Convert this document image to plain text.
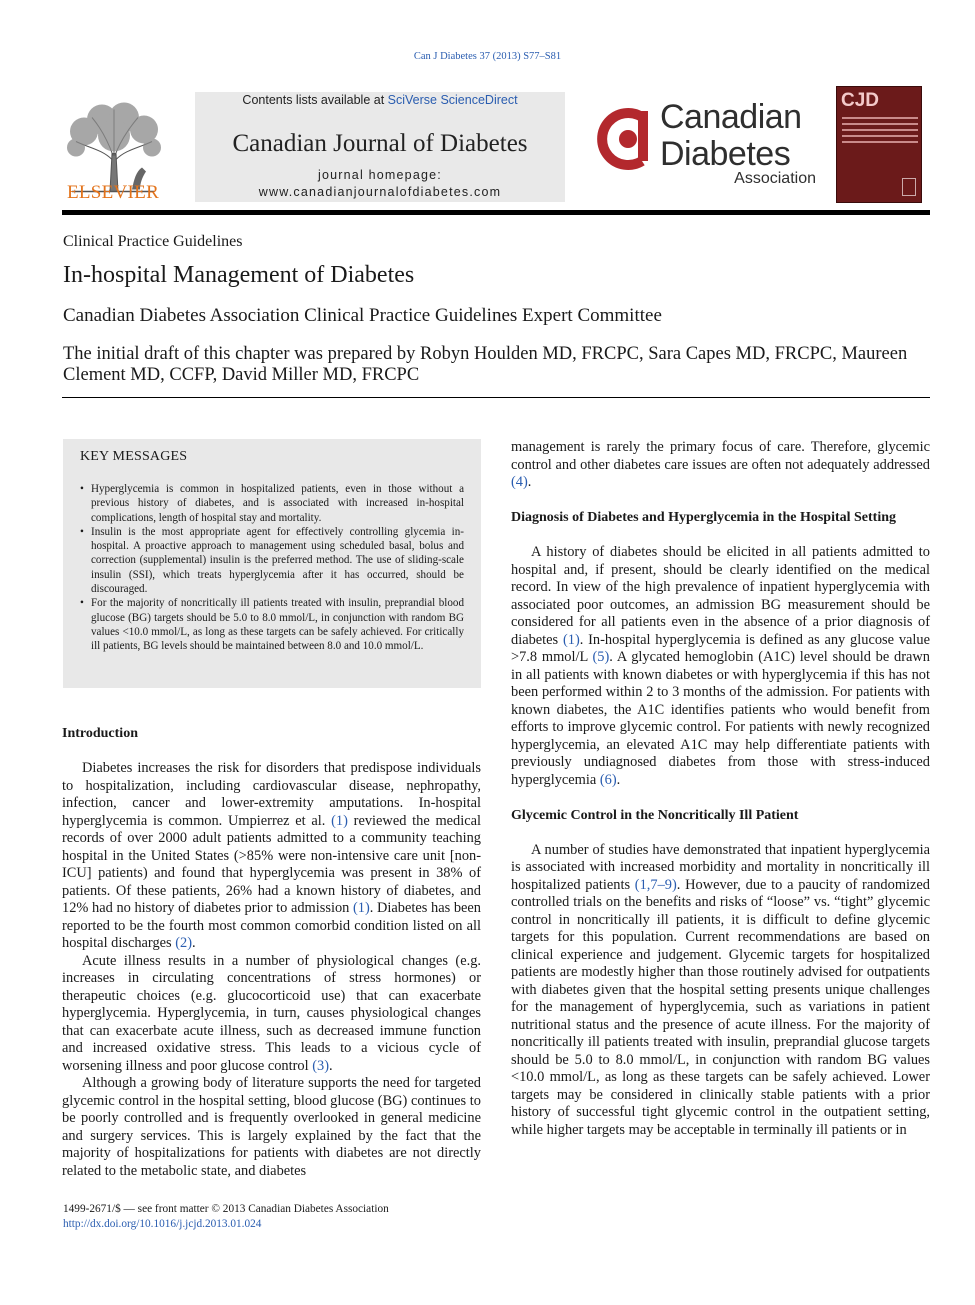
Can J Diabetes 37 (2013) S77–S81
ELSEVIER
Contents lists available at SciVerse ScienceDirect
Canadian Journal of Diabetes
journal homepage:
www.canadianjournalofdiabetes.com
Canadian
Diabetes
Association
CJD
Clinical Practice Guidelines
In-hospital Management of Diabetes
Canadian Diabetes Association Clinical Practice Guidelines Expert Committee
The initial draft of this chapter was prepared by Robyn Houlden MD, FRCPC, Sara Capes MD, FRCPC, Maureen Clement MD, CCFP, David Miller MD, FRCPC
KEY MESSAGES
• Hyperglycemia is common in hospitalized patients, even in those without a previous history of diabetes, and is associated with increased in-hospital complications, length of hospital stay and mortality.
• Insulin is the most appropriate agent for effectively controlling glycemia in-hospital. A proactive approach to management using scheduled basal, bolus and correction (supplemental) insulin is the preferred method. The use of sliding-scale insulin (SSI), which treats hyperglycemia after it has occurred, should be discouraged.
• For the majority of noncritically ill patients treated with insulin, preprandial blood glucose (BG) targets should be 5.0 to 8.0 mmol/L, in conjunction with random BG values <10.0 mmol/L, as long as these targets can be safely achieved. For critically ill patients, BG levels should be maintained between 8.0 and 10.0 mmol/L.
Introduction

Diabetes increases the risk for disorders that predispose individuals to hospitalization, including cardiovascular disease, nephropathy, infection, cancer and lower-extremity amputations. In-hospital hyperglycemia is common. Umpierrez et al. (1) reviewed the medical records of over 2000 adult patients admitted to a community teaching hospital in the United States (>85% were non-intensive care unit [non-ICU] patients) and found that hyperglycemia was present in 38% of patients. Of these patients, 26% had a known history of diabetes, and 12% had no history of diabetes prior to admission (1). Diabetes has been reported to be the fourth most common comorbid condition listed on all hospital discharges (2).

Acute illness results in a number of physiological changes (e.g. increases in circulating concentrations of stress hormones) or therapeutic choices (e.g. glucocorticoid use) that can exacerbate hyperglycemia. Hyperglycemia, in turn, causes physiological changes that can exacerbate acute illness, such as decreased immune function and increased oxidative stress. This leads to a vicious cycle of worsening illness and poor glucose control (3).

Although a growing body of literature supports the need for targeted glycemic control in the hospital setting, blood glucose (BG) continues to be poorly controlled and is frequently overlooked in general medicine and surgery services. This is largely explained by the fact that the majority of hospitalizations for patients with diabetes are not directly related to the metabolic state, and diabetes

management is rarely the primary focus of care. Therefore, glycemic control and other diabetes care issues are often not adequately addressed (4).

Diagnosis of Diabetes and Hyperglycemia in the Hospital Setting

A history of diabetes should be elicited in all patients admitted to hospital and, if present, should be clearly identified on the medical record. In view of the high prevalence of inpatient hyperglycemia with associated poor outcomes, an admission BG measurement should be considered for all patients even in the absence of a prior diagnosis of diabetes (1). In-hospital hyperglycemia is defined as any glucose value >7.8 mmol/L (5). A glycated hemoglobin (A1C) level should be drawn in all patients with known diabetes or with hyperglycemia if this has not been performed within 2 to 3 months of the admission. For patients with known diabetes, the A1C identifies patients who would benefit from efforts to improve glycemic control. For patients with newly recognized hyperglycemia, an elevated A1C may help differentiate patients with previously undiagnosed diabetes from those with stress-induced hyperglycemia (6).

Glycemic Control in the Noncritically Ill Patient

A number of studies have demonstrated that inpatient hyperglycemia is associated with increased morbidity and mortality in noncritically ill hospitalized patients (1,7–9). However, due to a paucity of randomized controlled trials on the benefits and risks of “loose” vs. “tight” glycemic control in noncritically ill patients, it is difficult to define glycemic targets for this population. Current recommendations are based on clinical experience and judgement. Glycemic targets for hospitalized patients are modestly higher than those routinely advised for outpatients with diabetes given that the hospital setting presents unique challenges for the management of hyperglycemia, such as variations in patient nutritional status and the presence of acute illness. For the majority of noncritically ill patients treated with insulin, preprandial glucose targets should be 5.0 to 8.0 mmol/L, in conjunction with random BG values <10.0 mmol/L, as long as these targets can be safely achieved. Lower targets may be considered in clinically stable patients with a prior history of successful tight glycemic control in the outpatient setting, while higher targets may be acceptable in terminally ill patients or in

1499-2671/$ — see front matter © 2013 Canadian Diabetes Association
http://dx.doi.org/10.1016/j.jcjd.2013.01.024
